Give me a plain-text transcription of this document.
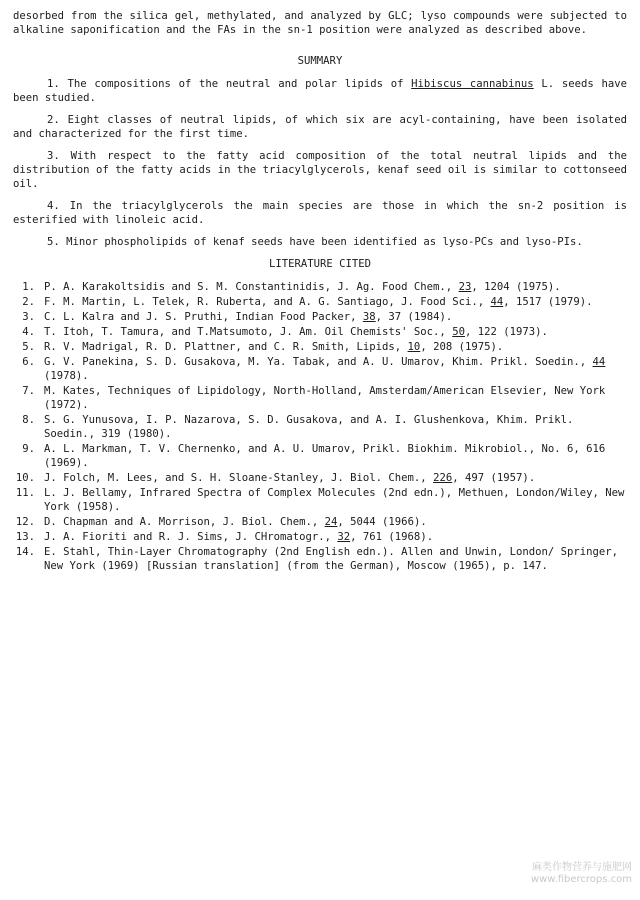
desorbed from the silica gel, methylated, and analyzed by GLC; lyso compounds were subjected to alkaline saponification and the FAs in the sn-1 position were analyzed as described above.

SUMMARY

1. The compositions of the neutral and polar lipids of Hibiscus cannabinus L. seeds have been studied.

2. Eight classes of neutral lipids, of which six are acyl-containing, have been isolated and characterized for the first time.

3. With respect to the fatty acid composition of the total neutral lipids and the distribution of the fatty acids in the triacylglycerols, kenaf seed oil is similar to cottonseed oil.

4. In the triacylglycerols the main species are those in which the sn-2 position is esterified with linoleic acid.

5. Minor phospholipids of kenaf seeds have been identified as lyso-PCs and lyso-PIs.

LITERATURE CITED
1. P. A. Karakoltsidis and S. M. Constantinidis, J. Ag. Food Chem., 23, 1204 (1975).
2. F. M. Martin, L. Telek, R. Ruberta, and A. G. Santiago, J. Food Sci., 44, 1517 (1979).
3. C. L. Kalra and J. S. Pruthi, Indian Food Packer, 38, 37 (1984).
4. T. Itoh, T. Tamura, and T.Matsumoto, J. Am. Oil Chemists' Soc., 50, 122 (1973).
5. R. V. Madrigal, R. D. Plattner, and C. R. Smith, Lipids, 10, 208 (1975).
6. G. V. Panekina, S. D. Gusakova, M. Ya. Tabak, and A. U. Umarov, Khim. Prikl. Soedin., 44 (1978).
7. M. Kates, Techniques of Lipidology, North-Holland, Amsterdam/American Elsevier, New York (1972).
8. S. G. Yunusova, I. P. Nazarova, S. D. Gusakova, and A. I. Glushenkova, Khim. Prikl. Soedin., 319 (1980).
9. A. L. Markman, T. V. Chernenko, and A. U. Umarov, Prikl. Biokhim. Mikrobiol., No. 6, 616 (1969).
10. J. Folch, M. Lees, and S. H. Sloane-Stanley, J. Biol. Chem., 226, 497 (1957).
11. L. J. Bellamy, Infrared Spectra of Complex Molecules (2nd edn.), Methuen, London/Wiley, New York (1958).
12. D. Chapman and A. Morrison, J. Biol. Chem., 24, 5044 (1966).
13. J. A. Fioriti and R. J. Sims, J. CHromatogr., 32, 761 (1968).
14. E. Stahl, Thin-Layer Chromatography (2nd English edn.). Allen and Unwin, London/ Springer, New York (1969) [Russian translation] (from the German), Moscow (1965), p. 147.
麻类作物营养与施肥网
www.fibercrops.com
